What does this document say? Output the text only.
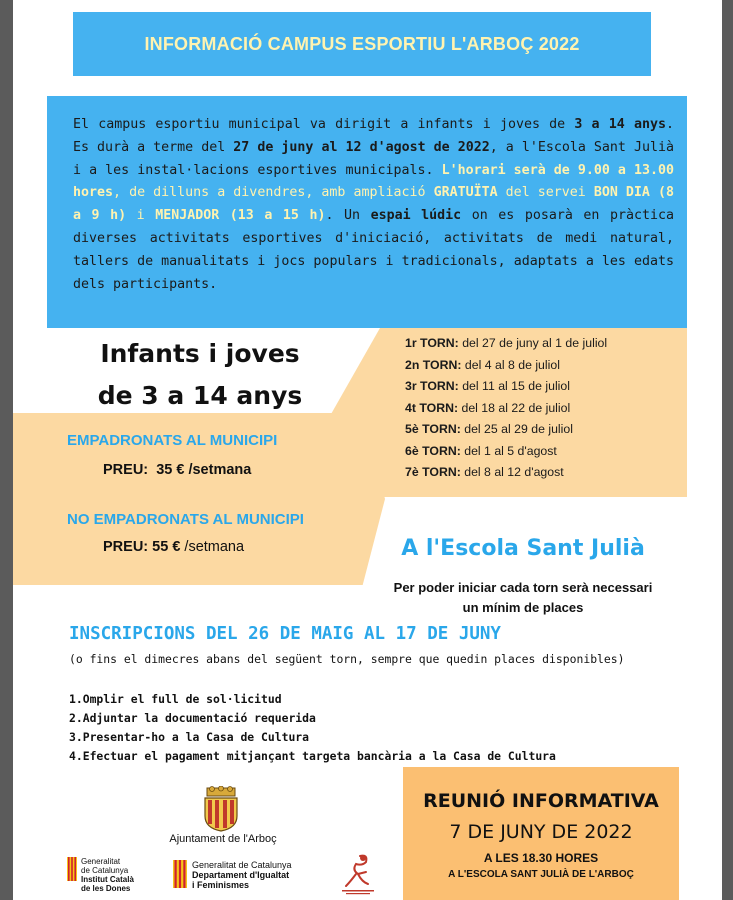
INFORMACIÓ CAMPUS ESPORTIU L'ARBOÇ 2022
El campus esportiu municipal va dirigit a infants i joves de 3 a 14 anys. Es durà a terme del 27 de juny al 12 d'agost de 2022, a l'Escola Sant Julià i a les instal·lacions esportives municipals. L'horari serà de 9.00 a 13.00 hores, de dilluns a divendres, amb ampliació GRATUÏTA del servei BON DIA (8 a 9 h) i MENJADOR (13 a 15 h). Un espai lúdic on es posarà en pràctica diverses activitats esportives d'iniciació, activitats de medi natural, tallers de manualitats i jocs populars i tradicionals, adaptats a les edats dels participants.
1r TORN: del 27 de juny al 1 de juliol
2n TORN: del 4 al 8 de juliol
3r TORN: del 11 al 15 de juliol
4t TORN: del 18 al 22 de juliol
5è TORN: del 25 al 29 de juliol
6è TORN: del 1 al 5 d'agost
7è TORN: del 8 al 12 d'agost
Infants i joves
de 3 a 14 anys
EMPADRONATS AL MUNICIPI
PREU: 35 € /setmana
NO EMPADRONATS AL MUNICIPI
PREU: 55 € /setmana	A l'Escola Sant Julià
Per poder iniciar cada torn serà necessari
un mínim de places
INSCRIPCIONS DEL 26 DE MAIG AL 17 DE JUNY
(o fins el dimecres abans del següent torn, sempre que quedin places disponibles)
1.Omplir el full de sol·licitud
2.Adjuntar la documentació requerida
3.Presentar-ho a la Casa de Cultura
4.Efectuar el pagament mitjançant targeta bancària a la Casa de Cultura
REUNIÓ INFORMATIVA
7 DE JUNY DE 2022
A LES 18.30 HORES
A L'ESCOLA SANT JULIÀ DE L'ARBOÇ
Ajuntament de l'Arboç
Generalitat
de Catalunya
Institut Català
de les Dones
Generalitat de Catalunya
Departament d'Igualtat
i Feminismes
